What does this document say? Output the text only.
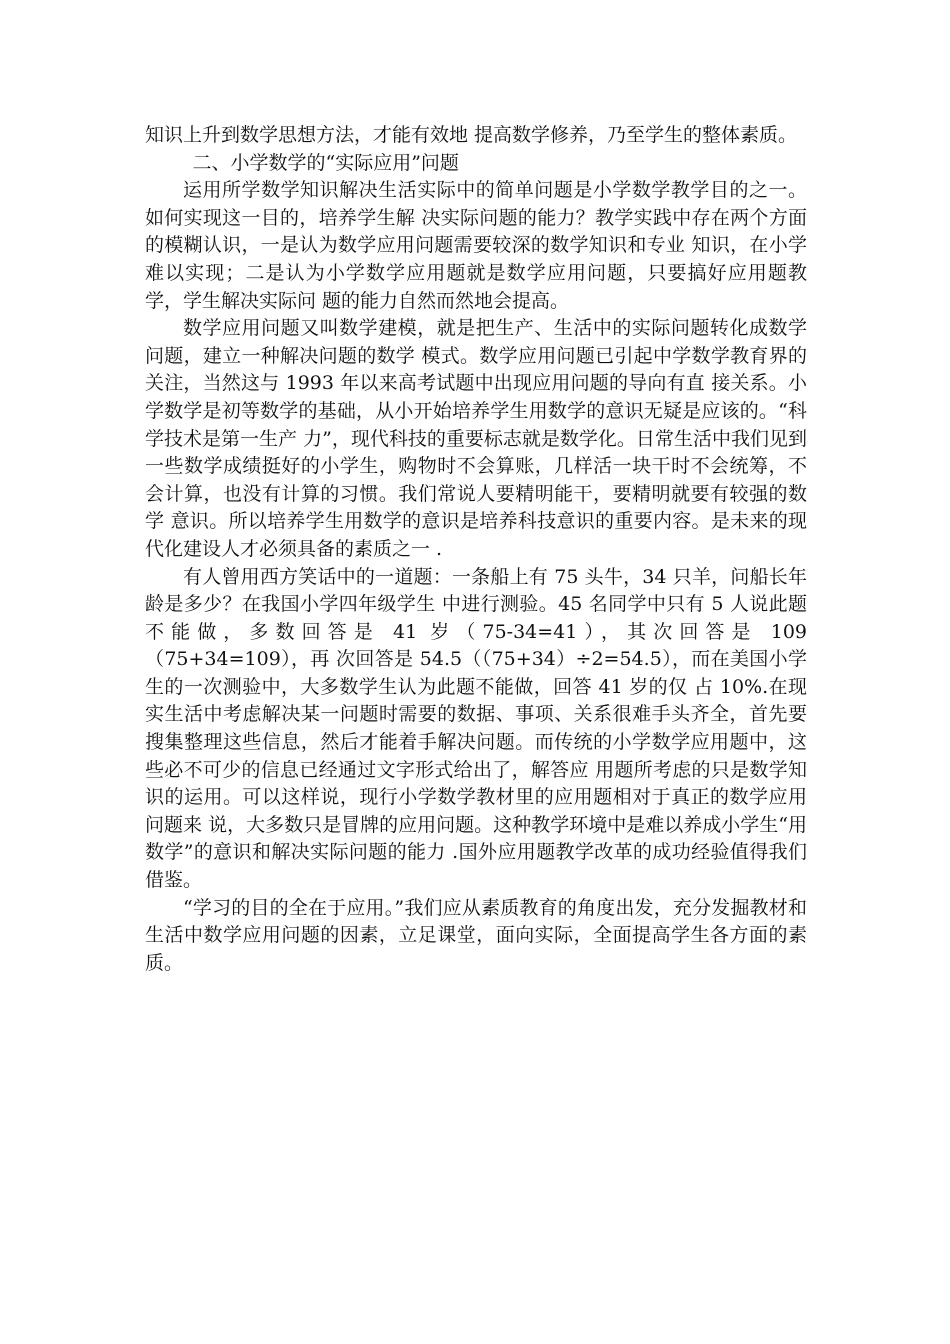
知识上升到数学思想方法，才能有效地 提高数学修养，乃至学生的整体素质。

二、小学数学的“实际应用”问题

运用所学数学知识解决生活实际中的简单问题是小学数学教学目的之一。如何实现这一目的，培养学生解 决实际问题的能力？教学实践中存在两个方面的模糊认识，一是认为数学应用问题需要较深的数学知识和专业 知识，在小学难以实现；二是认为小学数学应用题就是数学应用问题，只要搞好应用题教学，学生解决实际问 题的能力自然而然地会提高。

数学应用问题又叫数学建模，就是把生产、生活中的实际问题转化成数学问题，建立一种解决问题的数学 模式。数学应用问题已引起中学数学教育界的关注，当然这与 1993 年以来高考试题中出现应用问题的导向有直 接关系。小学数学是初等数学的基础，从小开始培养学生用数学的意识无疑是应该的。“科学技术是第一生产 力”，现代科技的重要标志就是数学化。日常生活中我们见到一些数学成绩挺好的小学生，购物时不会算账，几样活一块干时不会统筹，不会计算，也没有计算的习惯。我们常说人要精明能干，要精明就要有较强的数学 意识。所以培养学生用数学的意识是培养科技意识的重要内容。是未来的现代化建设人才必须具备的素质之一 .

有人曾用西方笑话中的一道题：一条船上有 75 头牛，34 只羊，问船长年龄是多少？在我国小学四年级学生 中进行测验。45 名同学中只有 5 人说此题不能做，多数回答是 41 岁（75-34=41），其次回答是 109（75+34=109），再 次回答是 54.5（（75+34）÷2=54.5），而在美国小学生的一次测验中，大多数学生认为此题不能做，回答 41 岁的仅 占 10%.在现实生活中考虑解决某一问题时需要的数据、事项、关系很难手头齐全，首先要搜集整理这些信息，然后才能着手解决问题。而传统的小学数学应用题中，这些必不可少的信息已经通过文字形式给出了，解答应 用题所考虑的只是数学知识的运用。可以这样说，现行小学数学教材里的应用题相对于真正的数学应用问题来 说，大多数只是冒牌的应用问题。这种教学环境中是难以养成小学生“用数学”的意识和解决实际问题的能力 .国外应用题教学改革的成功经验值得我们借鉴。

“学习的目的全在于应用。”我们应从素质教育的角度出发，充分发掘教材和生活中数学应用问题的因素，立足课堂，面向实际，全面提高学生各方面的素质。
